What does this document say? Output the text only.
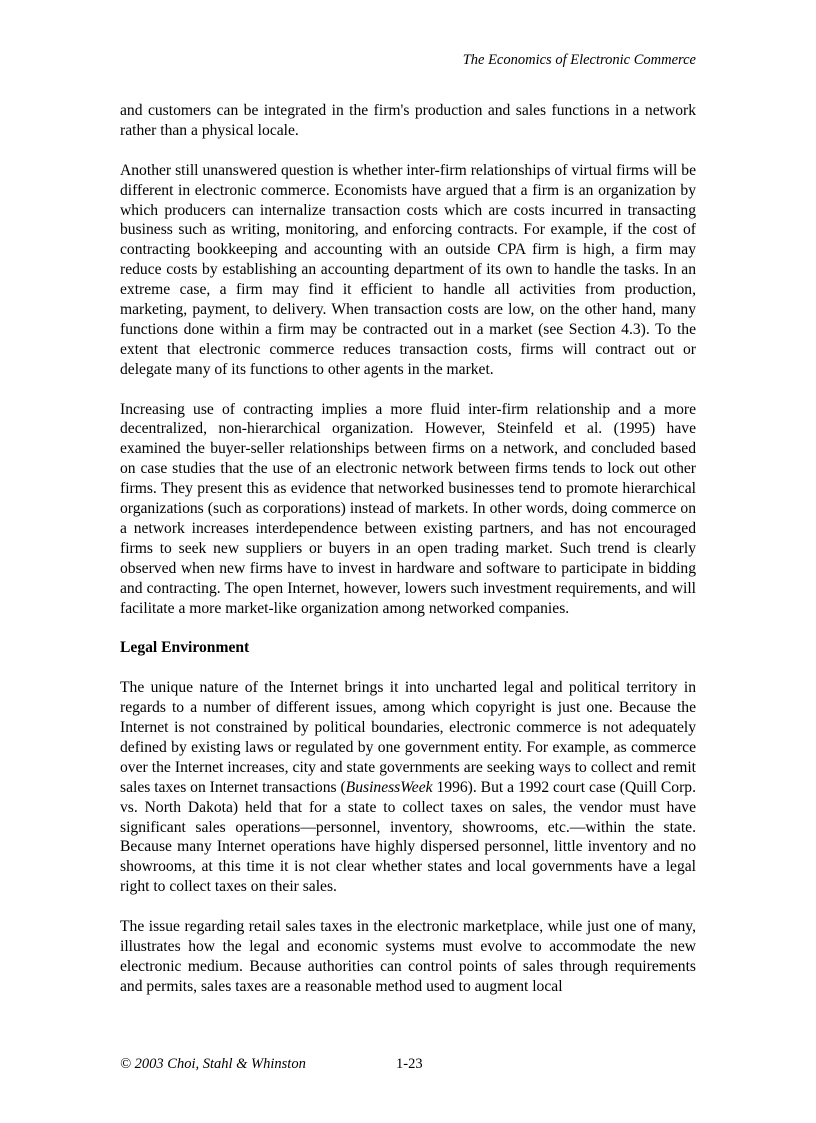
The Economics of Electronic Commerce

and customers can be integrated in the firm's production and sales functions in a network rather than a physical locale.

Another still unanswered question is whether inter-firm relationships of virtual firms will be different in electronic commerce. Economists have argued that a firm is an organization by which producers can internalize transaction costs which are costs incurred in transacting business such as writing, monitoring, and enforcing contracts. For example, if the cost of contracting bookkeeping and accounting with an outside CPA firm is high, a firm may reduce costs by establishing an accounting department of its own to handle the tasks. In an extreme case, a firm may find it efficient to handle all activities from production, marketing, payment, to delivery. When transaction costs are low, on the other hand, many functions done within a firm may be contracted out in a market (see Section 4.3). To the extent that electronic commerce reduces transaction costs, firms will contract out or delegate many of its functions to other agents in the market.

Increasing use of contracting implies a more fluid inter-firm relationship and a more decentralized, non-hierarchical organization. However, Steinfeld et al. (1995) have examined the buyer-seller relationships between firms on a network, and concluded based on case studies that the use of an electronic network between firms tends to lock out other firms. They present this as evidence that networked businesses tend to promote hierarchical organizations (such as corporations) instead of markets. In other words, doing commerce on a network increases interdependence between existing partners, and has not encouraged firms to seek new suppliers or buyers in an open trading market. Such trend is clearly observed when new firms have to invest in hardware and software to participate in bidding and contracting. The open Internet, however, lowers such investment requirements, and will facilitate a more market-like organization among networked companies.

Legal Environment

The unique nature of the Internet brings it into uncharted legal and political territory in regards to a number of different issues, among which copyright is just one. Because the Internet is not constrained by political boundaries, electronic commerce is not adequately defined by existing laws or regulated by one government entity. For example, as commerce over the Internet increases, city and state governments are seeking ways to collect and remit sales taxes on Internet transactions (BusinessWeek 1996). But a 1992 court case (Quill Corp. vs. North Dakota) held that for a state to collect taxes on sales, the vendor must have significant sales operations—personnel, inventory, showrooms, etc.—within the state. Because many Internet operations have highly dispersed personnel, little inventory and no showrooms, at this time it is not clear whether states and local governments have a legal right to collect taxes on their sales.

The issue regarding retail sales taxes in the electronic marketplace, while just one of many, illustrates how the legal and economic systems must evolve to accommodate the new electronic medium. Because authorities can control points of sales through requirements and permits, sales taxes are a reasonable method used to augment local

© 2003 Choi, Stahl & Whinston	1-23
